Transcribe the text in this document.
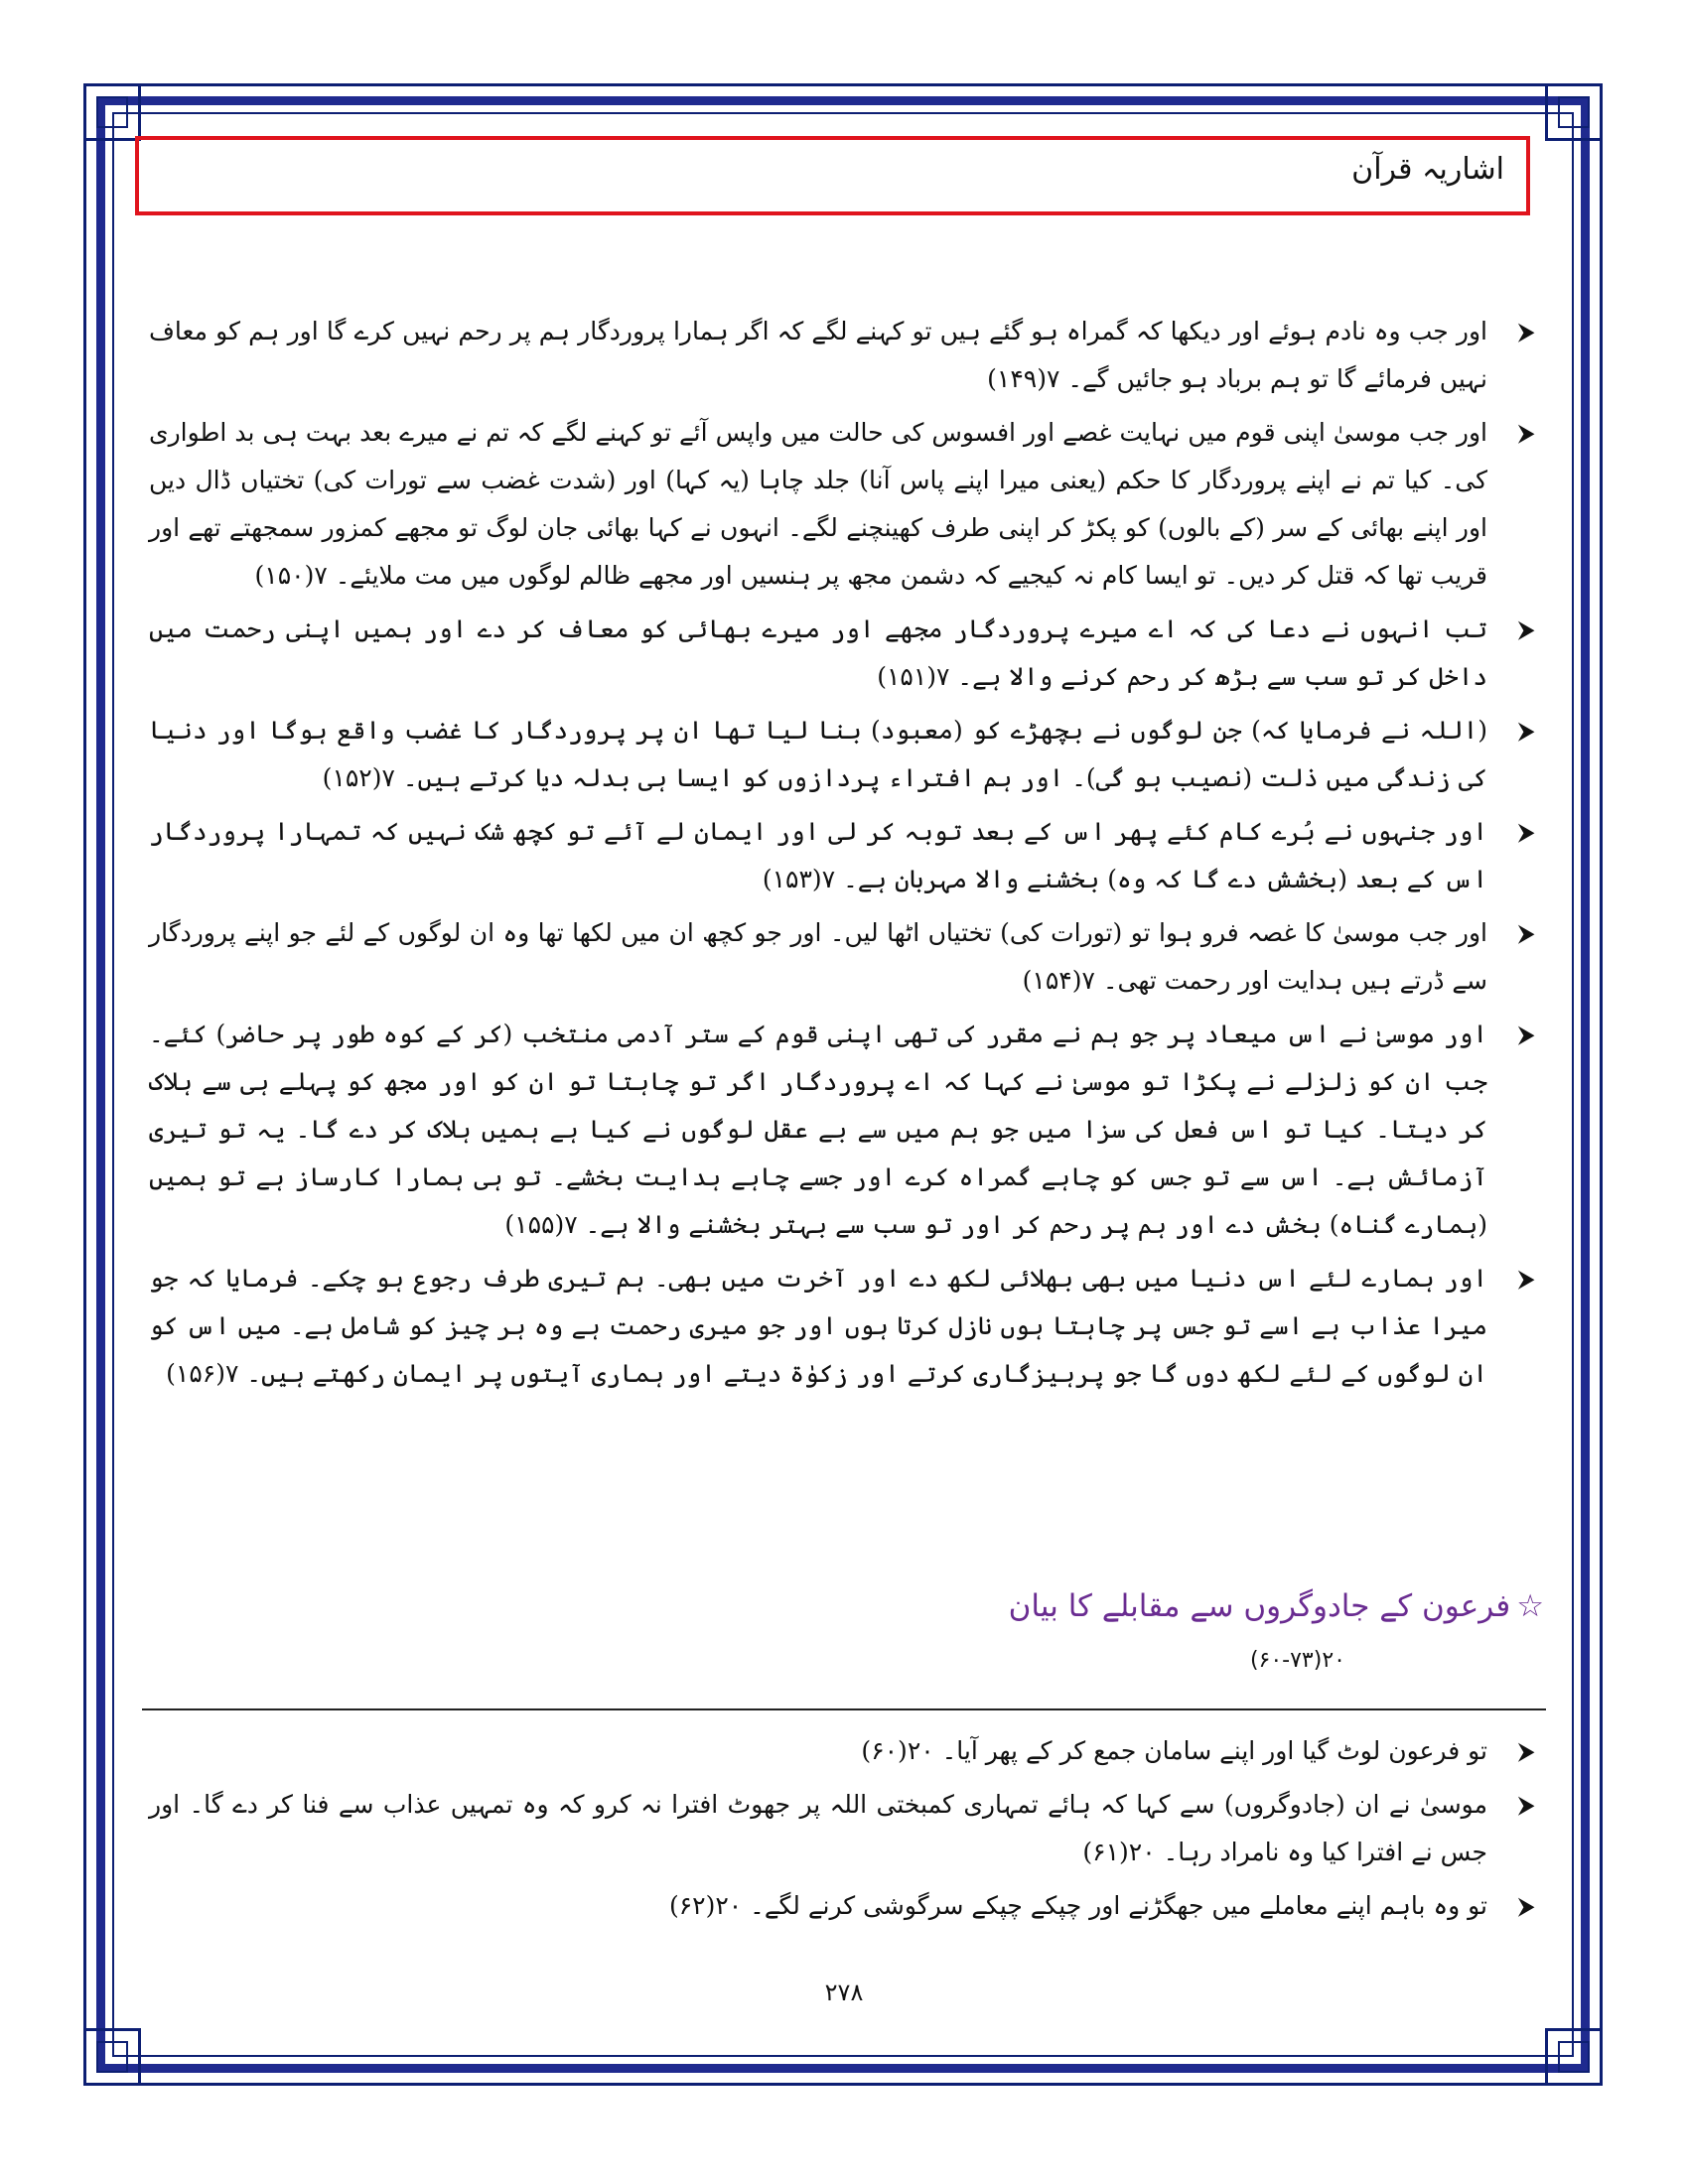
اشاریہ قرآن
⮞
اور جب وہ نادم ہوئے اور دیکھا کہ گمراہ ہو گئے ہیں تو کہنے لگے کہ اگر ہمارا پروردگار ہم پر رحم نہیں کرے گا اور ہم کو معاف نہیں فرمائے گا تو ہم برباد ہو جائیں گے۔ ۷(۱۴۹)
⮞
اور جب موسیٰ اپنی قوم میں نہایت غصے اور افسوس کی حالت میں واپس آئے تو کہنے لگے کہ تم نے میرے بعد بہت ہی بد اطواری کی۔ کیا تم نے اپنے پروردگار کا حکم (یعنی میرا اپنے پاس آنا) جلد چاہا (یہ کہا) اور (شدت غضب سے تورات کی) تختیاں ڈال دیں اور اپنے بھائی کے سر (کے بالوں) کو پکڑ کر اپنی طرف کھینچنے لگے۔ انہوں نے کہا بھائی جان لوگ تو مجھے کمزور سمجھتے تھے اور قریب تھا کہ قتل کر دیں۔ تو ایسا کام نہ کیجیے کہ دشمن مجھ پر ہنسیں اور مجھے ظالم لوگوں میں مت ملایئے۔ ۷(۱۵۰)
⮞
تب انہوں نے دعا کی کہ اے میرے پروردگار مجھے اور میرے بھائی کو معاف کر دے اور ہمیں اپنی رحمت میں داخل کر تو سب سے بڑھ کر رحم کرنے والا ہے۔ ۷(۱۵۱)
⮞
(اللہ نے فرمایا کہ) جن لوگوں نے بچھڑے کو (معبود) بنا لیا تھا ان پر پروردگار کا غضب واقع ہوگا اور دنیا کی زندگی میں ذلت (نصیب ہو گی)۔ اور ہم افتراء پردازوں کو ایسا ہی بدلہ دیا کرتے ہیں۔ ۷(۱۵۲)
⮞
اور جنہوں نے بُرے کام کئے پھر اس کے بعد توبہ کر لی اور ایمان لے آئے تو کچھ شک نہیں کہ تمہارا پروردگار اس کے بعد (بخشش دے گا کہ وہ) بخشنے والا مہربان ہے۔ ۷(۱۵۳)
⮞
اور جب موسیٰ کا غصہ فرو ہوا تو (تورات کی) تختیاں اٹھا لیں۔ اور جو کچھ ان میں لکھا تھا وہ ان لوگوں کے لئے جو اپنے پروردگار سے ڈرتے ہیں ہدایت اور رحمت تھی۔ ۷(۱۵۴)
⮞
اور موسیٰ نے اس میعاد پر جو ہم نے مقرر کی تھی اپنی قوم کے ستر آدمی منتخب (کر کے کوہ طور پر حاضر) کئے۔ جب ان کو زلزلے نے پکڑا تو موسیٰ نے کہا کہ اے پروردگار اگر تو چاہتا تو ان کو اور مجھ کو پہلے ہی سے ہلاک کر دیتا۔ کیا تو اس فعل کی سزا میں جو ہم میں سے بے عقل لوگوں نے کیا ہے ہمیں ہلاک کر دے گا۔ یہ تو تیری آزمائش ہے۔ اس سے تو جس کو چاہے گمراہ کرے اور جسے چاہے ہدایت بخشے۔ تو ہی ہمارا کارساز ہے تو ہمیں (ہمارے گناہ) بخش دے اور ہم پر رحم کر اور تو سب سے بہتر بخشنے والا ہے۔ ۷(۱۵۵)
⮞
اور ہمارے لئے اس دنیا میں بھی بھلائی لکھ دے اور آخرت میں بھی۔ ہم تیری طرف رجوع ہو چکے۔ فرمایا کہ جو میرا عذاب ہے اسے تو جس پر چاہتا ہوں نازل کرتا ہوں اور جو میری رحمت ہے وہ ہر چیز کو شامل ہے۔ میں اس کو ان لوگوں کے لئے لکھ دوں گا جو پرہیزگاری کرتے اور زکوٰۃ دیتے اور ہماری آیتوں پر ایمان رکھتے ہیں۔ ۷(۱۵۶)
☆فرعون کے جادوگروں سے مقابلے کا بیان
۲۰(۶۰-۷۳)
⮞
تو فرعون لوٹ گیا اور اپنے سامان جمع کر کے پھر آیا۔ ۲۰(۶۰)
⮞
موسیٰ نے ان (جادوگروں) سے کہا کہ ہائے تمہاری کمبختی اللہ پر جھوٹ افترا نہ کرو کہ وہ تمہیں عذاب سے فنا کر دے گا۔ اور جس نے افترا کیا وہ نامراد رہا۔ ۲۰(۶۱)
⮞
تو وہ باہم اپنے معاملے میں جھگڑنے اور چپکے چپکے سرگوشی کرنے لگے۔ ۲۰(۶۲)
۲۷۸
